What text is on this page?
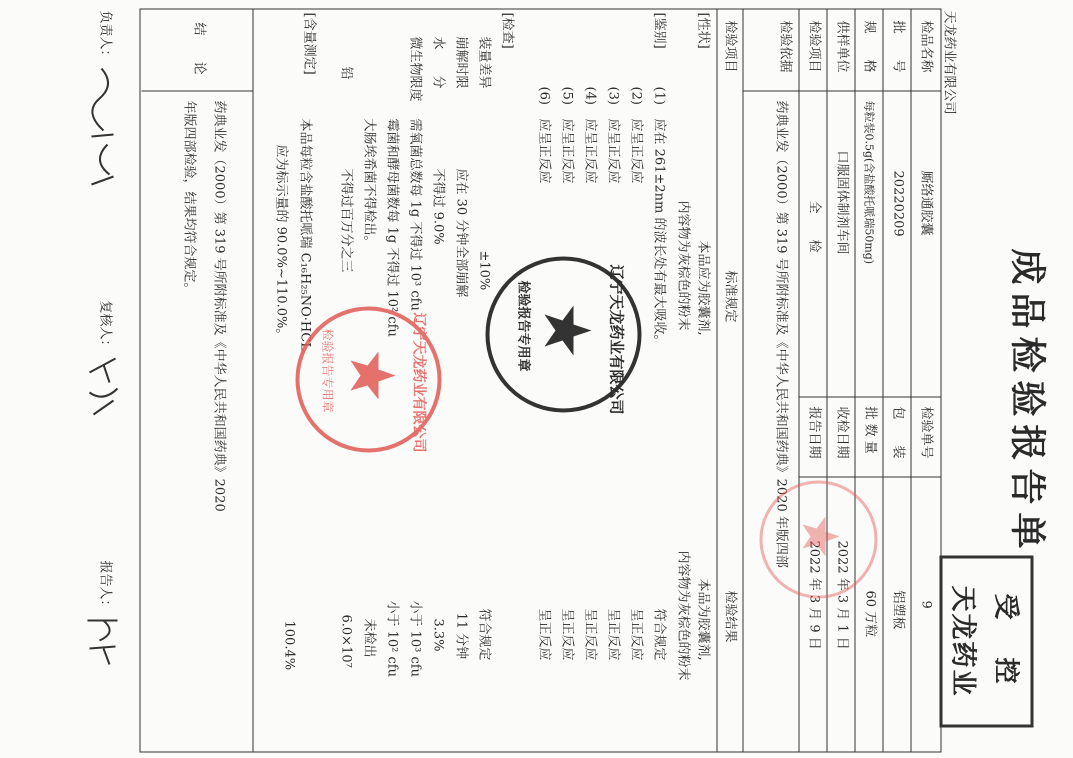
成品检验报告单
受　控
天龙药业
天龙药业有限公司
检品名称
厮络通胶囊
检验单号
9
批　　号
20220209
包　　装
铝塑板
规　　格
每粒装0.5g(含盐酸托哌瑞50mg)
批 数 量
60 万粒
供样单位
口服固体制剂车间
收检日期
2022 年 3 月 1 日
检验项目
全　　检
报告日期
2022 年 3 月 9 日
检验依据
药典业发（2000）第 319 号所附标准及《中华人民共和国药典》2020 年版四部
检验项目
标准规定
检验结果
[性状]
本品应为胶囊剂,
内容物为灰棕色的粉末
本品为胶囊剂,
内容物为灰棕色的粉末
[鉴别]
(1)
应在 261±2nm 的波长处有最大吸收。
符合规定
(2)
应呈正反应
呈正反应
(3)
应呈正反应
呈正反应
(4)
应呈正反应
呈正反应
(5)
应呈正反应
呈正反应
(6)
应呈正反应
呈正反应
[检查]
装量差异
±10%
符合规定
崩解时限
应在 30 分钟全部崩解
11 分钟
水　　分
不得过 9.0%
3.3%
微生物限度
需氧菌总数每 1g 不得过 10³ cfu
小于 10³ cfu
霉菌和酵母菌数每 1g 不得过 10² cfu
小于 10² cfu
大肠埃希菌不得检出。
未检出
铅
不得过百万分之三
6.0×10⁷
[含量测定]
本品每粒含盐酸托哌瑞 C₁₆H₂₅NO·HCL
应为标示量的 90.0%~110.0%。
100.4%
结　　论
药典业发（2000）第 319 号所附标准及《中华人民共和国药典》2020
年版四部检验，结果均符合规定。
负责人：
复核人：
报告人：
检验报告专用章	辽宁天龙药业有限公司
辽宁天龙药业有限公司
检验报告专用章
